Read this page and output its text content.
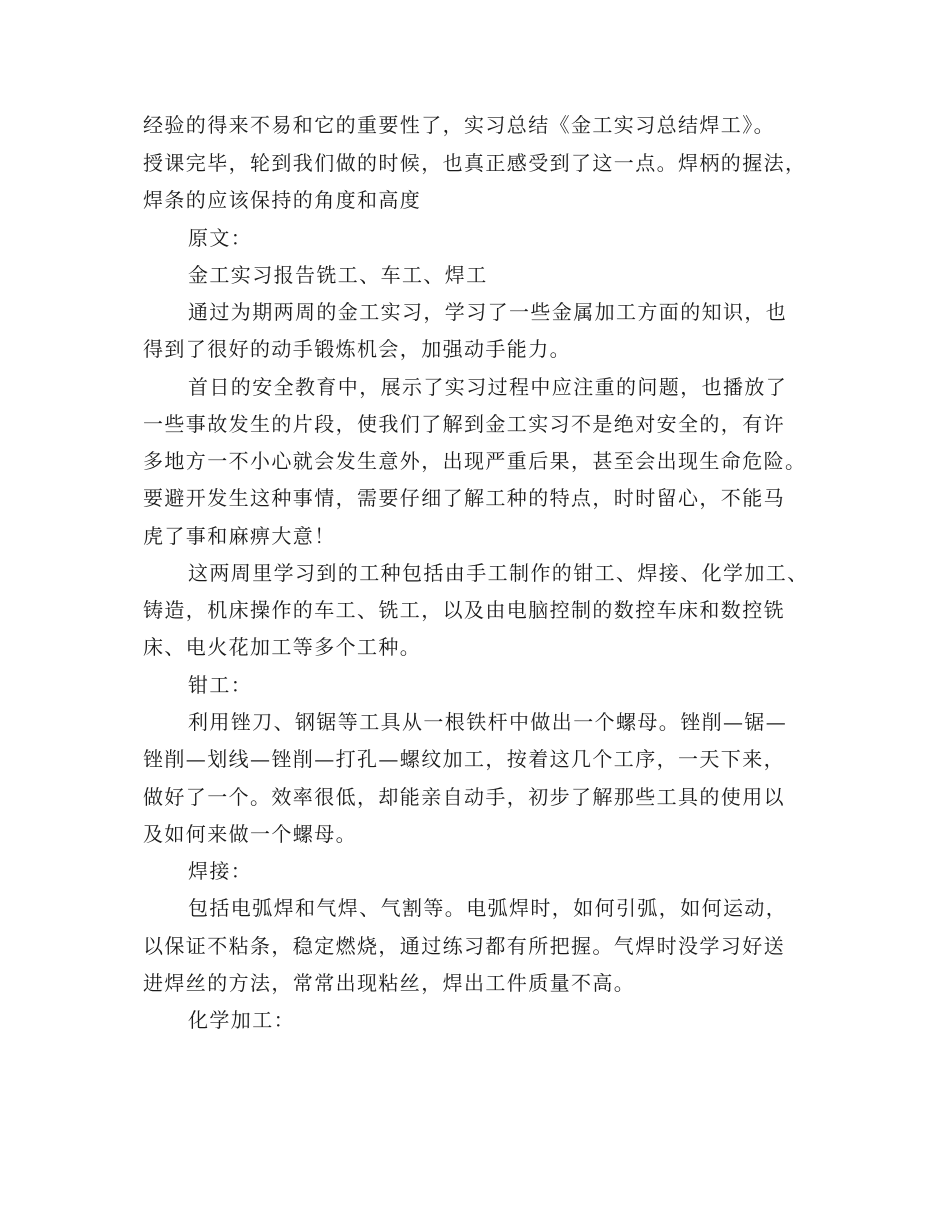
经验的得来不易和它的重要性了，实习总结《金工实习总结焊工》。
授课完毕，轮到我们做的时候，也真正感受到了这一点。焊柄的握法，
焊条的应该保持的角度和高度
原文：
金工实习报告铣工、车工、焊工
通过为期两周的金工实习，学习了一些金属加工方面的知识，也
得到了很好的动手锻炼机会，加强动手能力。
首日的安全教育中，展示了实习过程中应注重的问题，也播放了
一些事故发生的片段，使我们了解到金工实习不是绝对安全的，有许
多地方一不小心就会发生意外，出现严重后果，甚至会出现生命危险。
要避开发生这种事情，需要仔细了解工种的特点，时时留心，不能马
虎了事和麻痹大意！
这两周里学习到的工种包括由手工制作的钳工、焊接、化学加工、
铸造，机床操作的车工、铣工，以及由电脑控制的数控车床和数控铣
床、电火花加工等多个工种。
钳工：
利用锉刀、钢锯等工具从一根铁杆中做出一个螺母。锉削—锯—
锉削—划线—锉削—打孔—螺纹加工，按着这几个工序，一天下来，
做好了一个。效率很低，却能亲自动手，初步了解那些工具的使用以
及如何来做一个螺母。
焊接：
包括电弧焊和气焊、气割等。电弧焊时，如何引弧，如何运动，
以保证不粘条，稳定燃烧，通过练习都有所把握。气焊时没学习好送
进焊丝的方法，常常出现粘丝，焊出工件质量不高。
化学加工：
